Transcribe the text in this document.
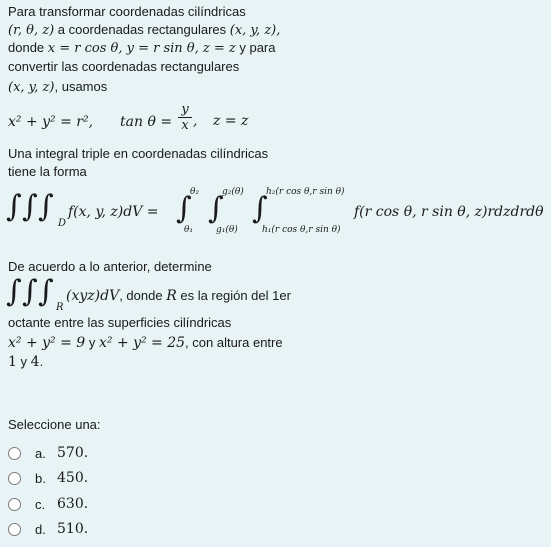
Para transformar coordenadas cilíndricas
(r, θ, z) a coordenadas rectangulares (x, y, z),
donde x = r cos θ, y = r sin θ, z = z y para
convertir las coordenadas rectangulares
(x, y, z), usamos
x² + y² = r², tan θ =
y
x , z = z
Una integral triple en coordenadas cilíndricas
tiene la forma
∫ ∫ ∫ D
f(x, y, z)dV = ∫
θ₂
θ₁
∫
g₂(θ)
g₁(θ)
∫
h₂(r cos θ,r sin θ)
h₁(r cos θ,r sin θ)
f(r cos θ, r sin θ, z)rdzdrdθ
De acuerdo a lo anterior, determine
∫ ∫ ∫ R
(xyz)dV, donde R es la región del 1er
octante entre las superficies cilíndricas
x² + y² = 9 y x² + y² = 25, con altura entre
1 y 4.
Seleccione una:
a. 570.
b. 450.
c. 630.
d. 510.
